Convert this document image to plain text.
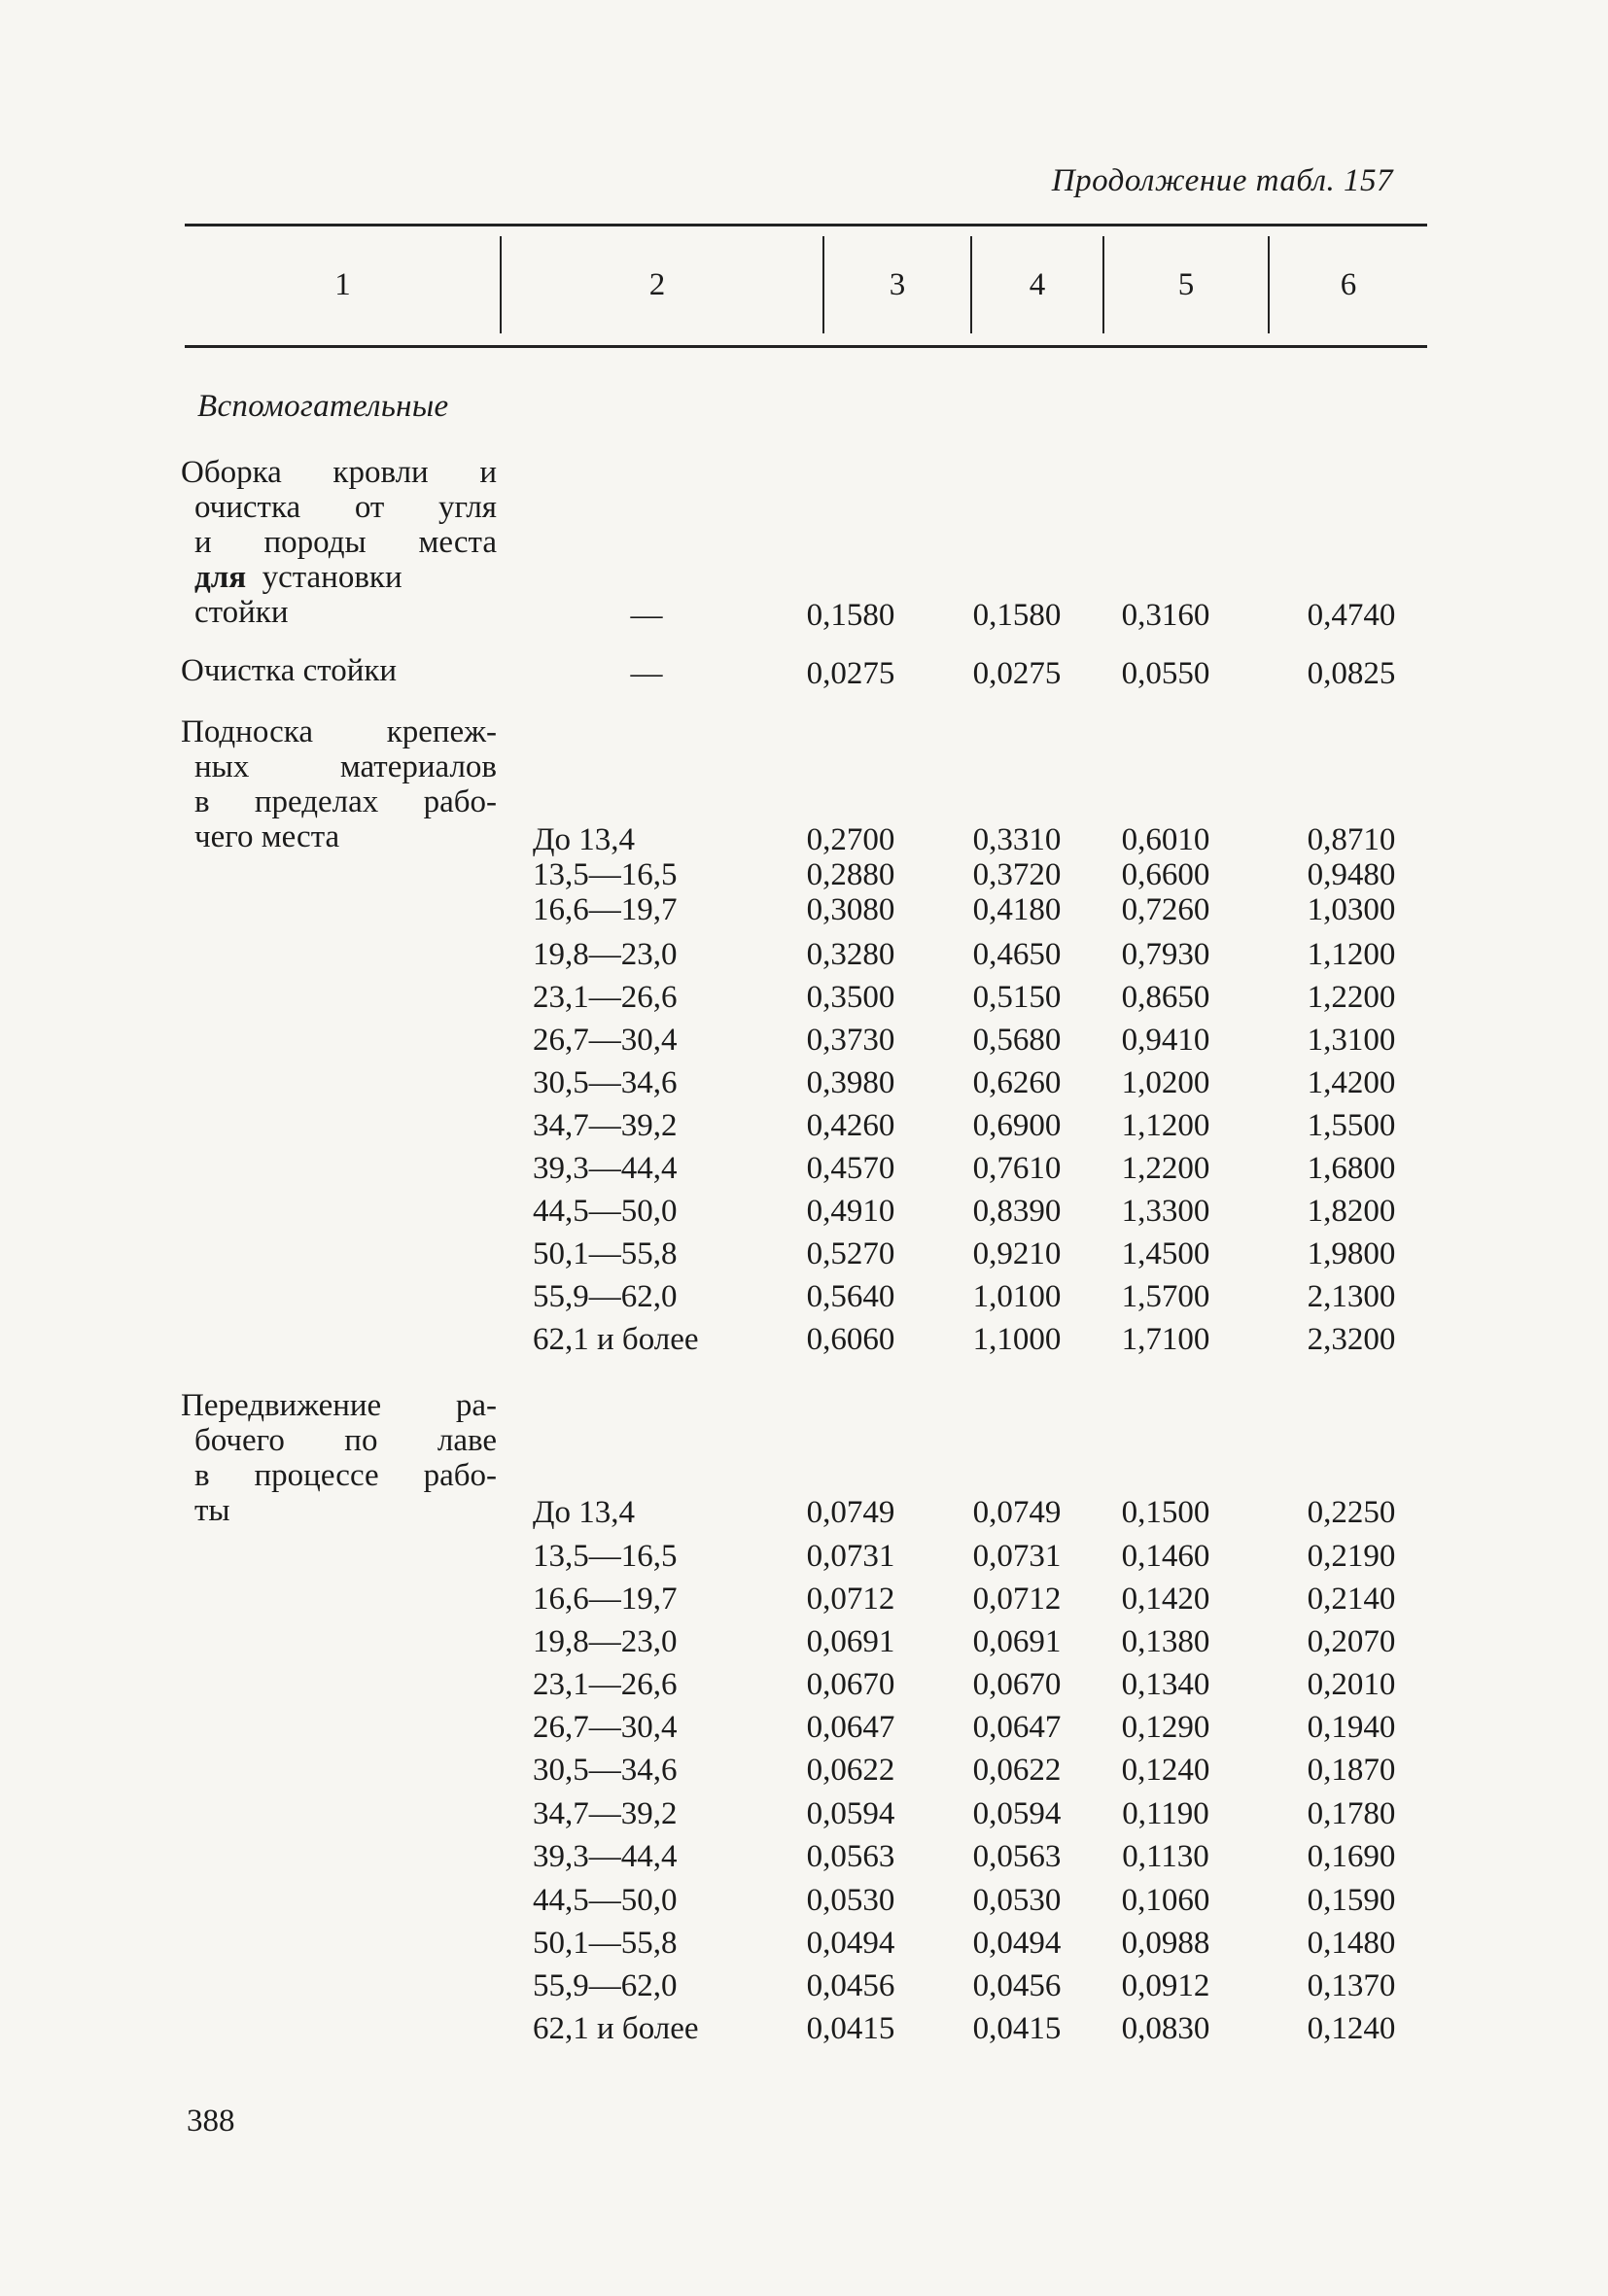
Продолжение табл. 157
1	2	3	4	5	6
Вспомогательные
Оборка кровли и
очистка от угля
и породы места
для установки
стойки	—	0,1580	0,1580	0,3160	0,4740
Очистка стойки	—	0,0275	0,0275	0,0550	0,0825
Подноска крепеж-
ных материалов
в пределах рабо-
чего места	До 13,4	0,2700	0,3310	0,6010	0,8710
13,5—16,5	0,2880	0,3720	0,6600	0,9480
16,6—19,7	0,3080	0,4180	0,7260	1,0300
19,8—23,0	0,3280	0,4650	0,7930	1,1200
23,1—26,6	0,3500	0,5150	0,8650	1,2200
26,7—30,4	0,3730	0,5680	0,9410	1,3100
30,5—34,6	0,3980	0,6260	1,0200	1,4200
34,7—39,2	0,4260	0,6900	1,1200	1,5500
39,3—44,4	0,4570	0,7610	1,2200	1,6800
44,5—50,0	0,4910	0,8390	1,3300	1,8200
50,1—55,8	0,5270	0,9210	1,4500	1,9800
55,9—62,0	0,5640	1,0100	1,5700	2,1300
62,1 и более	0,6060	1,1000	1,7100	2,3200
Передвижение ра-
бочего по лаве
в процессе рабо-
ты	До 13,4	0,0749	0,0749	0,1500	0,2250
13,5—16,5	0,0731	0,0731	0,1460	0,2190
16,6—19,7	0,0712	0,0712	0,1420	0,2140
19,8—23,0	0,0691	0,0691	0,1380	0,2070
23,1—26,6	0,0670	0,0670	0,1340	0,2010
26,7—30,4	0,0647	0,0647	0,1290	0,1940
30,5—34,6	0,0622	0,0622	0,1240	0,1870
34,7—39,2	0,0594	0,0594	0,1190	0,1780
39,3—44,4	0,0563	0,0563	0,1130	0,1690
44,5—50,0	0,0530	0,0530	0,1060	0,1590
50,1—55,8	0,0494	0,0494	0,0988	0,1480
55,9—62,0	0,0456	0,0456	0,0912	0,1370
62,1 и более	0,0415	0,0415	0,0830	0,1240
388
